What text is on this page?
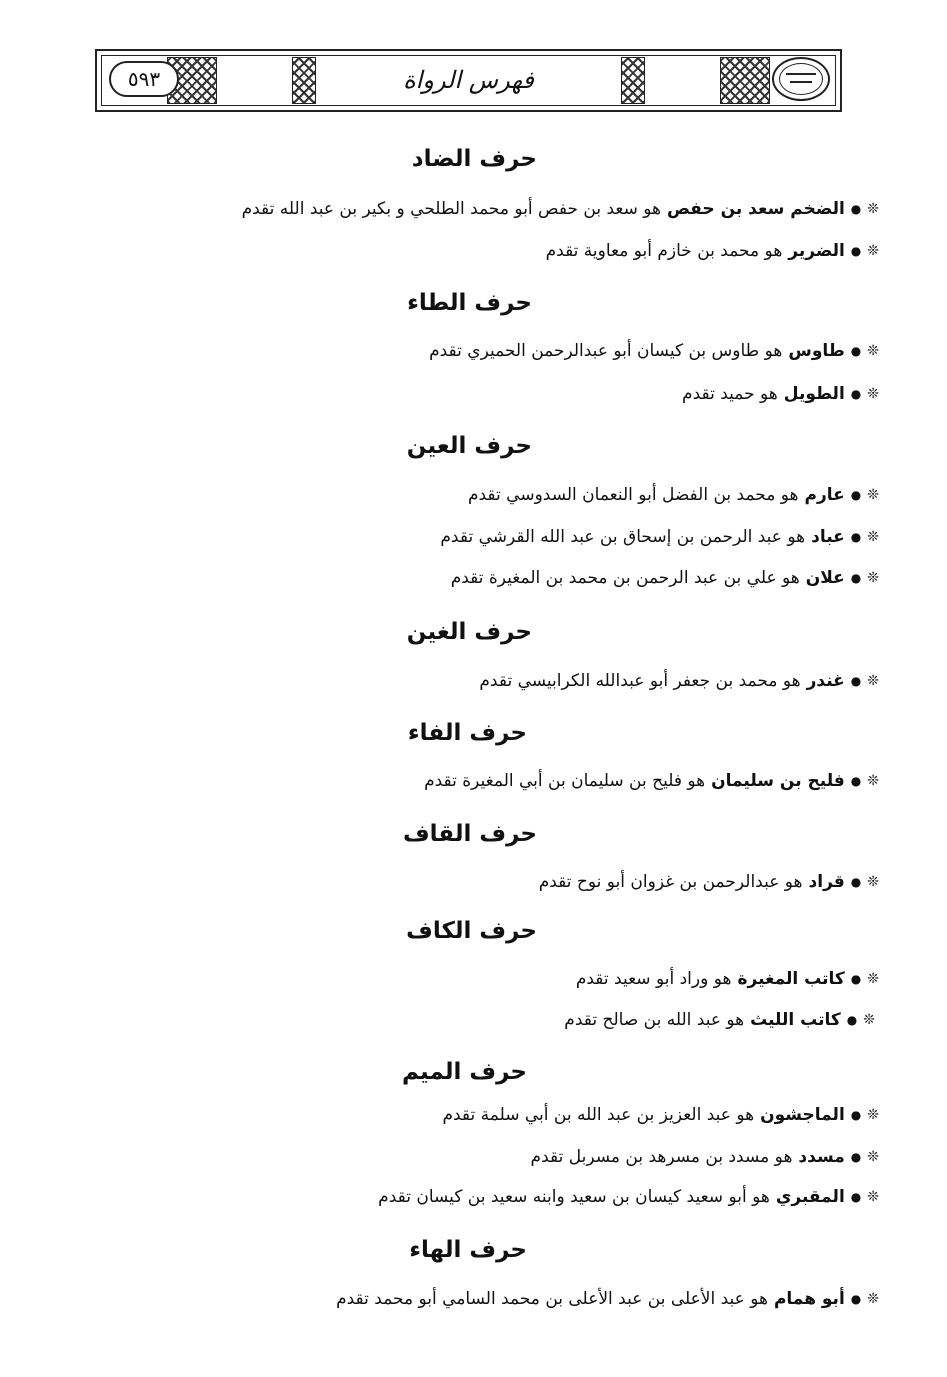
٥٩٣	فهرس الرواة
حرف الضاد
❊
●
الضخم سعد بن حفص
هو سعد بن حفص أبو محمد الطلحي و بكير بن عبد الله تقدم
❊
●
الضرير
هو محمد بن خازم أبو معاوية تقدم
حرف الطاء
❊
●
طاوس
هو طاوس بن كيسان أبو عبدالرحمن الحميري تقدم
❊
●
الطويل
هو حميد تقدم
حرف العين
❊
●
عارم
هو محمد بن الفضل أبو النعمان السدوسي تقدم
❊
●
عباد
هو عبد الرحمن بن إسحاق بن عبد الله القرشي تقدم
❊
●
علان
هو علي بن عبد الرحمن بن محمد بن المغيرة تقدم
حرف الغين
❊
●
غندر
هو محمد بن جعفر أبو عبدالله الكرابيسي تقدم
حرف الفاء
❊
●
فليح بن سليمان
هو فليح بن سليمان بن أبي المغيرة تقدم
حرف القاف
❊
●
قراد
هو عبدالرحمن بن غزوان أبو نوح تقدم
حرف الكاف
❊
●
كاتب المغيرة
هو وراد أبو سعيد تقدم
❊
●
كاتب الليث
هو عبد الله بن صالح تقدم
حرف الميم
❊
●
الماجشون
هو عبد العزيز بن عبد الله بن أبي سلمة تقدم
❊
●
مسدد
هو مسدد بن مسرهد بن مسربل تقدم
❊
●
المقبري
هو أبو سعيد كيسان بن سعيد وابنه سعيد بن كيسان تقدم
حرف الهاء
❊
●
أبو همام
هو عبد الأعلى بن عبد الأعلى بن محمد السامي أبو محمد تقدم
